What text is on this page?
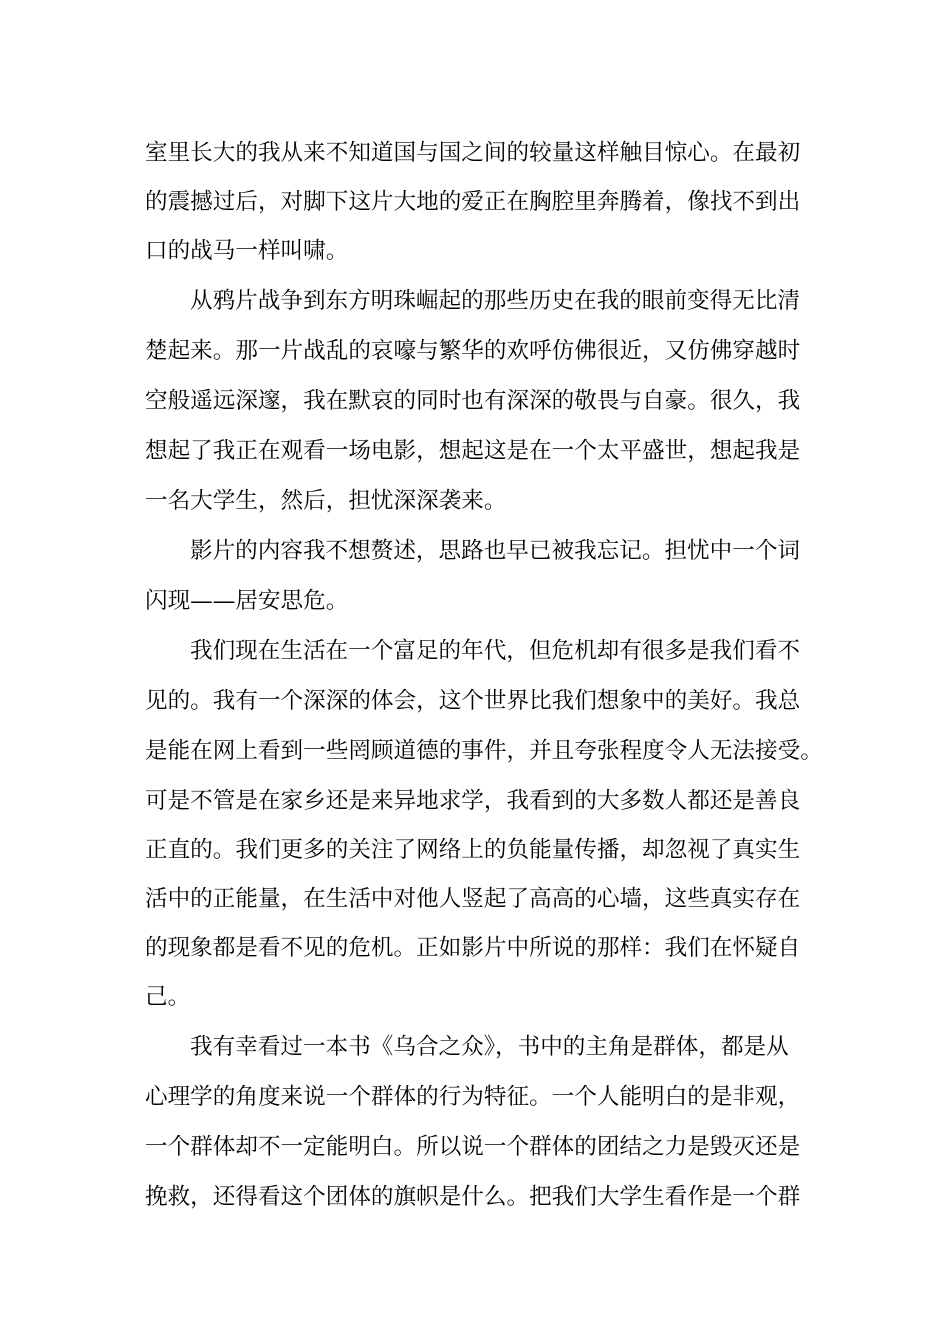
室里长大的我从来不知道国与国之间的较量这样触目惊心。在最初
的震撼过后，对脚下这片大地的爱正在胸腔里奔腾着，像找不到出
口的战马一样叫啸。
从鸦片战争到东方明珠崛起的那些历史在我的眼前变得无比清
楚起来。那一片战乱的哀嚎与繁华的欢呼仿佛很近，又仿佛穿越时
空般遥远深邃，我在默哀的同时也有深深的敬畏与自豪。很久，我
想起了我正在观看一场电影，想起这是在一个太平盛世，想起我是
一名大学生，然后，担忧深深袭来。
影片的内容我不想赘述，思路也早已被我忘记。担忧中一个词
闪现——居安思危。
我们现在生活在一个富足的年代，但危机却有很多是我们看不
见的。我有一个深深的体会，这个世界比我们想象中的美好。我总
是能在网上看到一些罔顾道德的事件，并且夸张程度令人无法接受。
可是不管是在家乡还是来异地求学，我看到的大多数人都还是善良
正直的。我们更多的关注了网络上的负能量传播，却忽视了真实生
活中的正能量，在生活中对他人竖起了高高的心墙，这些真实存在
的现象都是看不见的危机。正如影片中所说的那样：我们在怀疑自
己。
我有幸看过一本书《乌合之众》，书中的主角是群体，都是从
心理学的角度来说一个群体的行为特征。一个人能明白的是非观，
一个群体却不一定能明白。所以说一个群体的团结之力是毁灭还是
挽救，还得看这个团体的旗帜是什么。把我们大学生看作是一个群
